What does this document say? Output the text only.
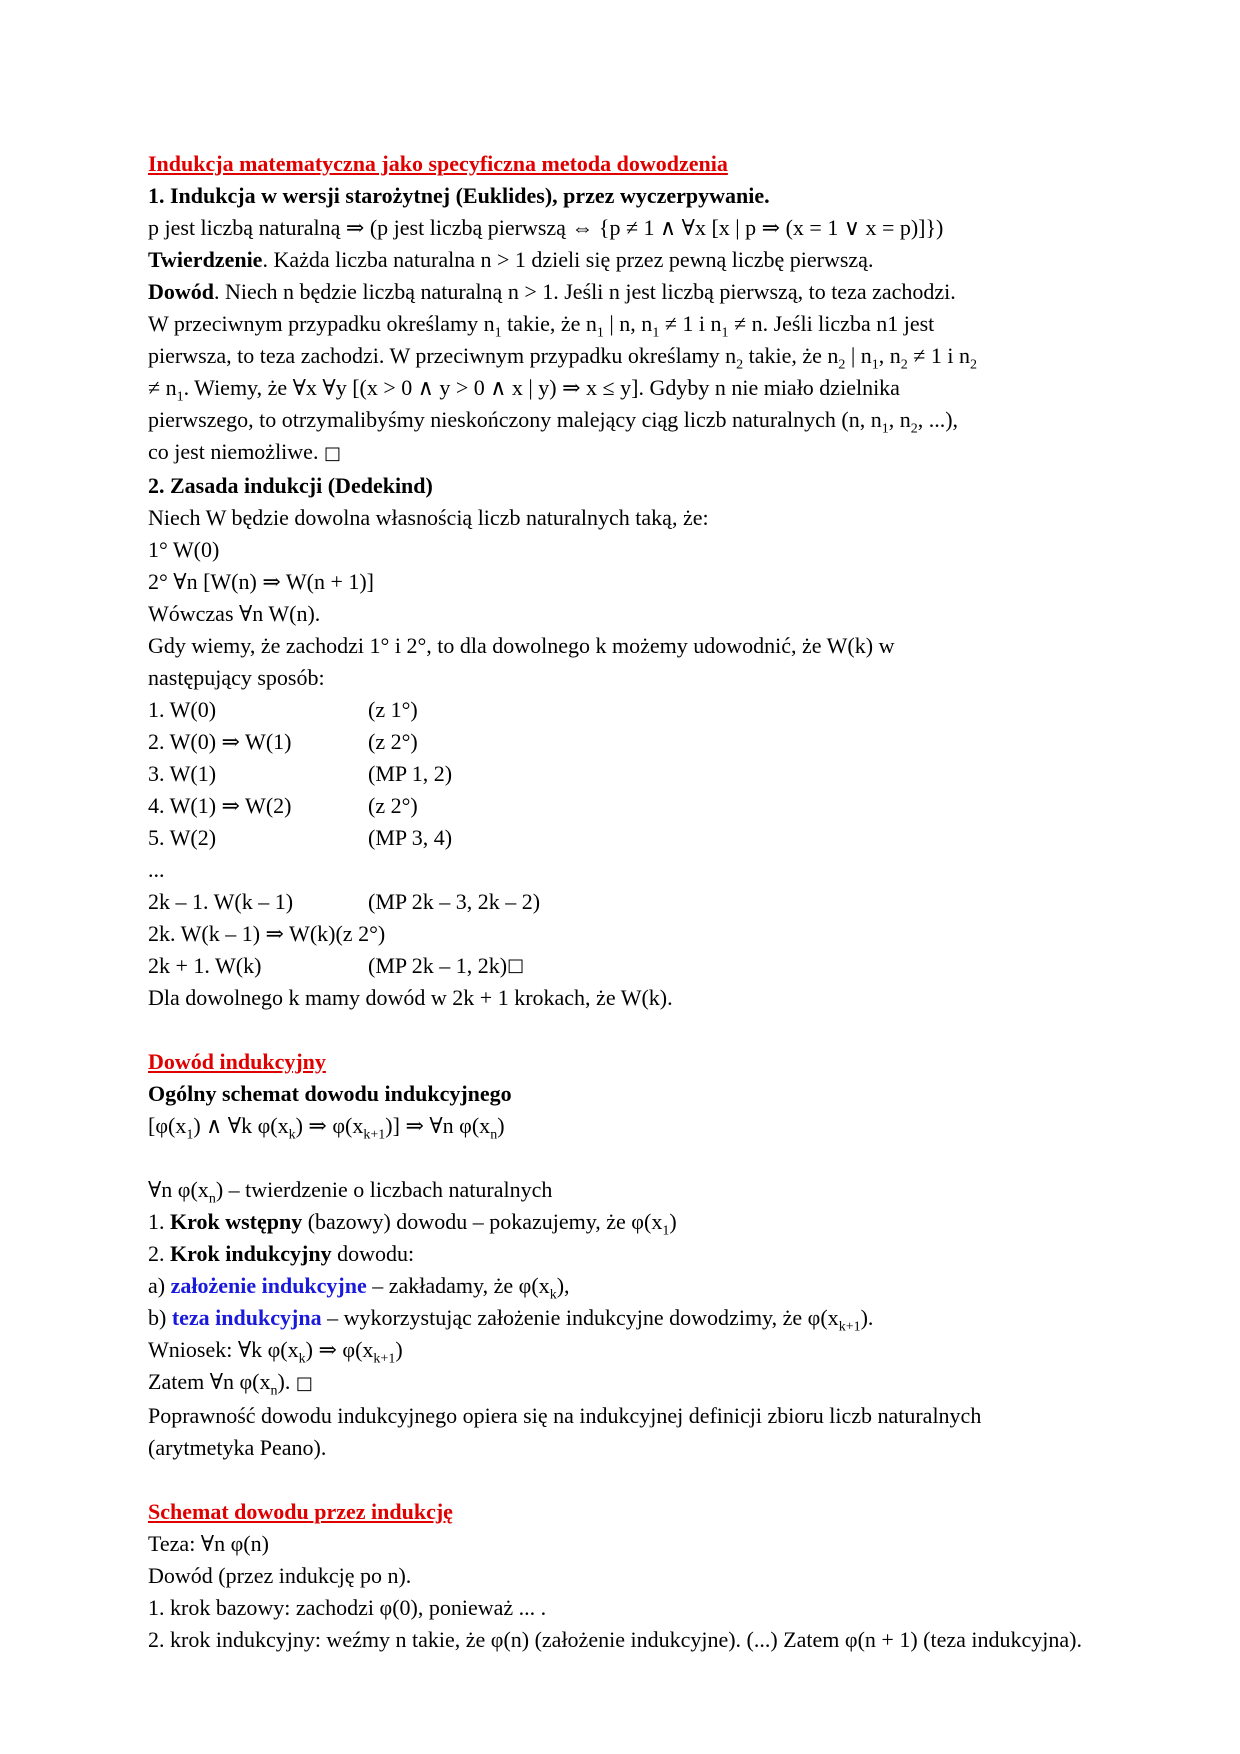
Indukcja matematyczna jako specyficzna metoda dowodzenia
1. Indukcja w wersji starożytnej (Euklides), przez wyczerpywanie.
p jest liczbą naturalną ⇒ (p jest liczbą pierwszą ⇔ {p ≠ 1 ∧ ∀x [x | p ⇒ (x = 1 ∨ x = p)]})
Twierdzenie. Każda liczba naturalna n > 1 dzieli się przez pewną liczbę pierwszą.
Dowód. Niech n będzie liczbą naturalną n > 1. Jeśli n jest liczbą pierwszą, to teza zachodzi.
W przeciwnym przypadku określamy $n_1$ takie, że $n_1$ | n, $n_1 \ne 1$ i $n_1 \ne n$. Jeśli liczba n1 jest
pierwsza, to teza zachodzi. W przeciwnym przypadku określamy $n_2$ takie, że $n_2$ | $n_1$, $n_2 \ne 1$ i $n_2$
≠ $n_1$. Wiemy, że ∀x ∀y [(x > 0 ∧ y > 0 ∧ x | y) ⇒ x ≤ y]. Gdyby n nie miało dzielnika
pierwszego, to otrzymalibyśmy nieskończony malejący ciąg liczb naturalnych (n, $n_1$, $n_2$, ...),
co jest niemożliwe. □
2. Zasada indukcji (Dedekind)
Niech W będzie dowolna własnością liczb naturalnych taką, że:
1° W(0)
2° ∀n [W(n) ⇒ W(n + 1)]
Wówczas ∀n W(n).
Gdy wiemy, że zachodzi 1° i 2°, to dla dowolnego k możemy udowodnić, że W(k) w następujący sposób:
1. W(0)	(z 1°)
2. W(0) ⇒ W(1)	(z 2°)
3. W(1)	(MP 1, 2)
4. W(1) ⇒ W(2)	(z 2°)
5. W(2)	(MP 3, 4)
...
2k – 1. W(k – 1)	(MP 2k – 3, 2k – 2)
2k. W(k – 1) ⇒ W(k) (z 2°)
2k + 1. W(k)	(MP 2k – 1, 2k) □
Dla dowolnego k mamy dowód w 2k + 1 krokach, że W(k).
Dowód indukcyjny
Ogólny schemat dowodu indukcyjnego
[$\varphi(x_1)$ ∧ ∀k $\varphi(x_k)$ ⇒ $\varphi(x_{k+1})$] ⇒ ∀n $\varphi(x_n)$
∀n $\varphi(x_n)$ – twierdzenie o liczbach naturalnych
1. Krok wstępny (bazowy) dowodu – pokazujemy, że $\varphi(x_1)$
2. Krok indukcyjny dowodu:
a) założenie indukcyjne – zakładamy, że $\varphi(x_k)$,
b) teza indukcyjna – wykorzystując założenie indukcyjne dowodzimy, że $\varphi(x_{k+1})$.
Wniosek: ∀k $\varphi(x_k)$ ⇒ $\varphi(x_{k+1})$
Zatem ∀n $\varphi(x_n)$. □
Poprawność dowodu indukcyjnego opiera się na indukcyjnej definicji zbioru liczb naturalnych (arytmetyka Peano).
Schemat dowodu przez indukcję
Teza: ∀n φ(n)
Dowód (przez indukcję po n).
1. krok bazowy: zachodzi φ(0), ponieważ ... .
2. krok indukcyjny: weźmy n takie, że φ(n) (założenie indukcyjne). (...) Zatem φ(n + 1) (teza indukcyjna).
